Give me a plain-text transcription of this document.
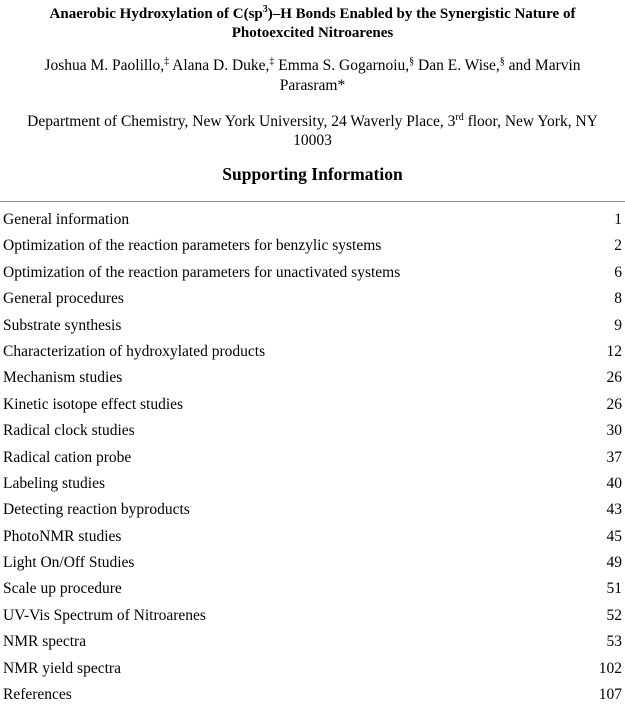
Anaerobic Hydroxylation of $C(sp^3)-H$ Bonds Enabled by the Synergistic Nature of
Photoexcited Nitroarenes
Joshua M. Paolillo,‡ Alana D. Duke,‡ Emma S. Gogarnoiu,§ Dan E. Wise,§ and Marvin
Parasram*
Department of Chemistry, New York University, 24 Waverly Place, 3rd floor, New York, NY
10003
Supporting Information
General information	1
Optimization of the reaction parameters for benzylic systems	2
Optimization of the reaction parameters for unactivated systems	6
General procedures	8
Substrate synthesis	9
Characterization of hydroxylated products	12
Mechanism studies	26
Kinetic isotope effect studies	26
Radical clock studies	30
Radical cation probe	37
Labeling studies	40
Detecting reaction byproducts	43
PhotoNMR studies	45
Light On/Off Studies	49
Scale up procedure	51
UV-Vis Spectrum of Nitroarenes	52
NMR spectra	53
NMR yield spectra	102
References	107
